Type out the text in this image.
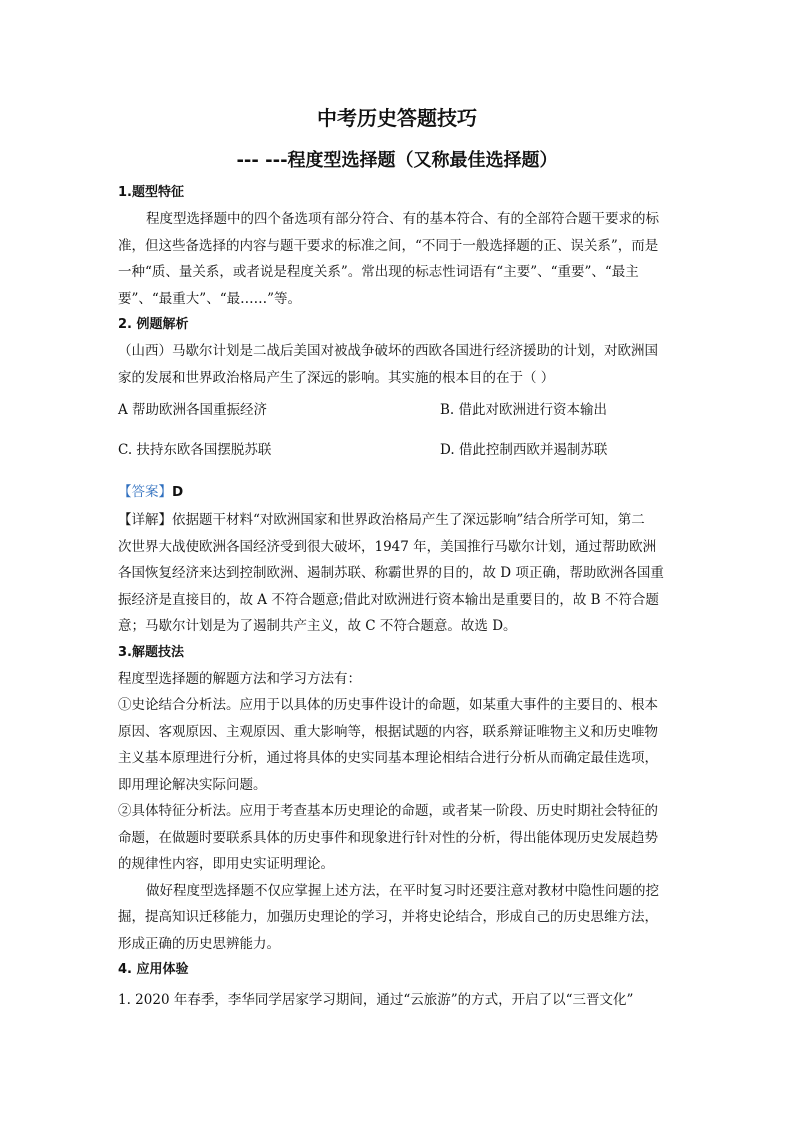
中考历史答题技巧
--- ---程度型选择题（又称最佳选择题）
1.题型特征

程度型选择题中的四个备选项有部分符合、有的基本符合、有的全部符合题干要求的标

准，但这些备选择的内容与题干要求的标准之间，“不同于一般选择题的正、误关系”，而是

一种“质、量关系，或者说是程度关系”。常出现的标志性词语有“主要”、“重要”、“最主

要”、“最重大”、“最……”等。

2. 例题解析

（山西）马歇尔计划是二战后美国对被战争破坏的西欧各国进行经济援助的计划，对欧洲国

家的发展和世界政治格局产生了深远的影响。其实施的根本目的在于（ ）

A 帮助欧洲各国重振经济	B. 借此对欧洲进行资本输出
C. 扶持东欧各国摆脱苏联	D. 借此控制西欧并遏制苏联
【答案】D

【详解】依据题干材料“对欧洲国家和世界政治格局产生了深远影响”结合所学可知，第二

次世界大战使欧洲各国经济受到很大破坏，1947 年，美国推行马歇尔计划，通过帮助欧洲

各国恢复经济来达到控制欧洲、遏制苏联、称霸世界的目的，故 D 项正确，帮助欧洲各国重

振经济是直接目的，故 A 不符合题意;借此对欧洲进行资本输出是重要目的，故 B 不符合题

意；马歇尔计划是为了遏制共产主义，故 C 不符合题意。故选 D。

3.解题技法

程度型选择题的解题方法和学习方法有：

①史论结合分析法。应用于以具体的历史事件设计的命题，如某重大事件的主要目的、根本

原因、客观原因、主观原因、重大影响等，根据试题的内容，联系辩证唯物主义和历史唯物

主义基本原理进行分析，通过将具体的史实同基本理论相结合进行分析从而确定最佳选项，

即用理论解决实际问题。

②具体特征分析法。应用于考查基本历史理论的命题，或者某一阶段、历史时期社会特征的

命题，在做题时要联系具体的历史事件和现象进行针对性的分析，得出能体现历史发展趋势

的规律性内容，即用史实证明理论。

做好程度型选择题不仅应掌握上述方法，在平时复习时还要注意对教材中隐性问题的挖

掘，提高知识迁移能力，加强历史理论的学习，并将史论结合，形成自己的历史思维方法，

形成正确的历史思辨能力。

4. 应用体验

1. 2020 年春季，李华同学居家学习期间，通过“云旅游”的方式，开启了以“三晋文化”
